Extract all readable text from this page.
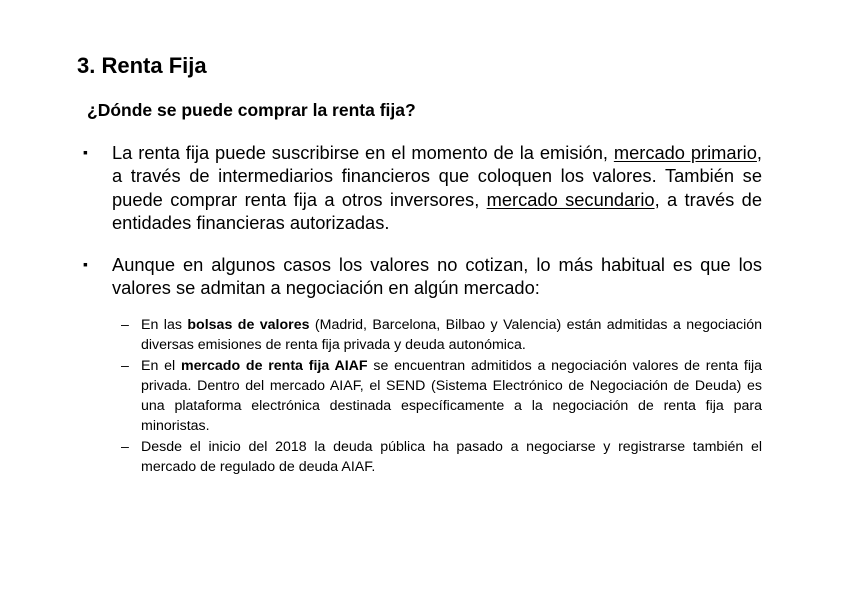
3. Renta Fija
¿Dónde se puede comprar la renta fija?
▪ La renta fija puede suscribirse en el momento de la emisión, mercado primario, a través de intermediarios financieros que coloquen los valores. También se puede comprar renta fija a otros inversores, mercado secundario, a través de entidades financieras autorizadas.
▪ Aunque en algunos casos los valores no cotizan, lo más habitual es que los valores se admitan a negociación en algún mercado:
– En las bolsas de valores (Madrid, Barcelona, Bilbao y Valencia) están admitidas a negociación diversas emisiones de renta fija privada y deuda autonómica.
– En el mercado de renta fija AIAF se encuentran admitidos a negociación valores de renta fija privada. Dentro del mercado AIAF, el SEND (Sistema Electrónico de Negociación de Deuda) es una plataforma electrónica destinada específicamente a la negociación de renta fija para minoristas.
– Desde el inicio del 2018 la deuda pública ha pasado a negociarse y registrarse también el mercado de regulado de deuda AIAF.
